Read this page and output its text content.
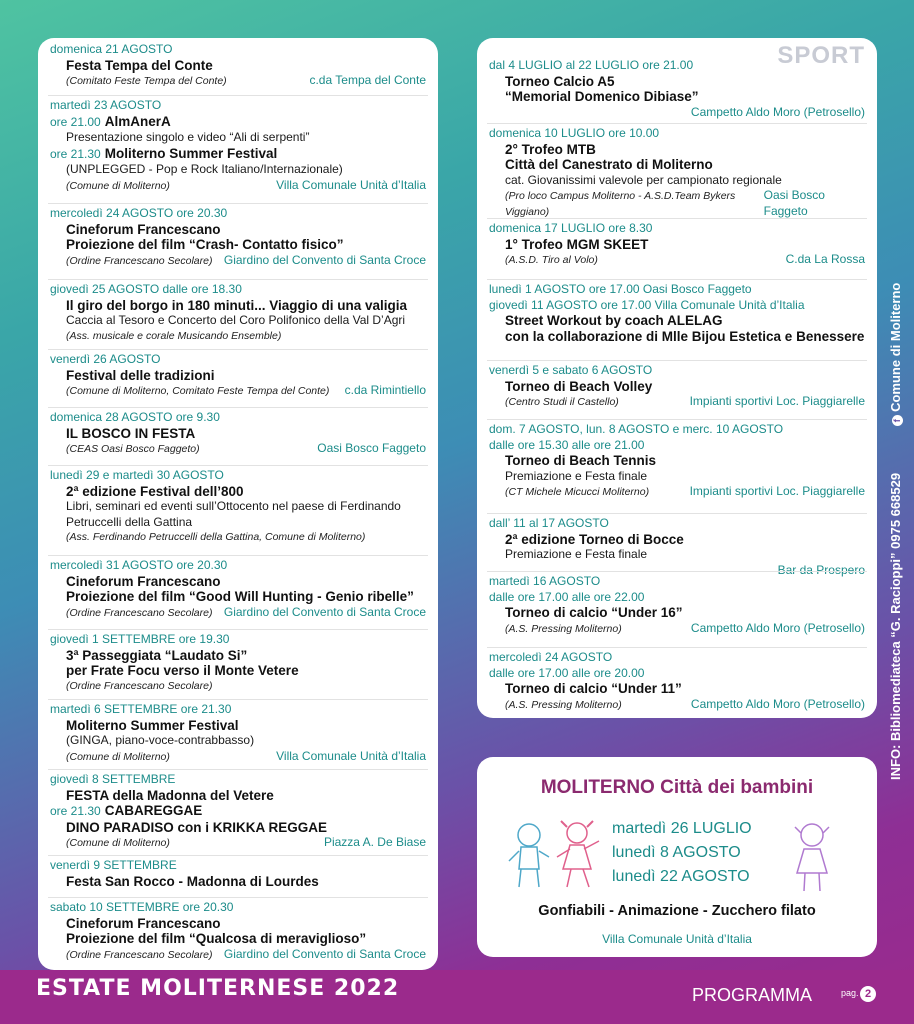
domenica 21 AGOSTO
Festa Tempa del Conte
(Comitato Feste Tempa del Conte)	c.da Tempa del Conte
martedì 23 AGOSTO
ore 21.00 AlmAnerA
Presentazione singolo e video “Ali di serpenti”
ore 21.30 Moliterno Summer Festival
(UNPLEGGED - Pop e Rock Italiano/Internazionale)
(Comune di Moliterno)	Villa Comunale Unità d’Italia
mercoledì 24 AGOSTO ore 20.30
Cineforum Francescano
Proiezione del film “Crash- Contatto fisico”
(Ordine Francescano Secolare) Giardino del Convento di Santa Croce
giovedì 25 AGOSTO dalle ore 18.30
Il giro del borgo in 180 minuti... Viaggio di una valigia
Caccia al Tesoro e Concerto del Coro Polifonico della Val D’Agri
(Ass. musicale e corale Musicando Ensemble)
venerdì 26 AGOSTO
Festival delle tradizioni
(Comune di Moliterno, Comitato Feste Tempa del Conte) c.da Rimintiello
domenica 28 AGOSTO ore 9.30
IL BOSCO IN FESTA
(CEAS Oasi Bosco Faggeto)	Oasi Bosco Faggeto
lunedì 29 e martedì 30 AGOSTO
2ª edizione Festival dell’800
Libri, seminari ed eventi sull’Ottocento nel paese di Ferdinando
Petruccelli della Gattina
(Ass. Ferdinando Petruccelli della Gattina, Comune di Moliterno)
mercoledì 31 AGOSTO ore 20.30
Cineforum Francescano
Proiezione del film “Good Will Hunting - Genio ribelle”
(Ordine Francescano Secolare) Giardino del Convento di Santa Croce
giovedì 1 SETTEMBRE ore 19.30
3ª Passeggiata “Laudato Si”
per Frate Focu verso il Monte Vetere
(Ordine Francescano Secolare)
martedì 6 SETTEMBRE ore 21.30
Moliterno Summer Festival
(GINGA, piano-voce-contrabbasso)
(Comune di Moliterno)	Villa Comunale Unità d’Italia
giovedì 8 SETTEMBRE
FESTA della Madonna del Vetere
ore 21.30 CABAREGGAE
DINO PARADISO con i KRIKKA REGGAE
(Comune di Moliterno)	Piazza A. De Biase
venerdì 9 SETTEMBRE
Festa San Rocco - Madonna di Lourdes
sabato 10 SETTEMBRE ore 20.30
Cineforum Francescano
Proiezione del film “Qualcosa di meraviglioso”
(Ordine Francescano Secolare) Giardino del Convento di Santa Croce
SPORT
dal 4 LUGLIO al 22 LUGLIO ore 21.00
Torneo Calcio A5
“Memorial Domenico Dibiase”
Campetto Aldo Moro (Petrosello)
domenica 10 LUGLIO ore 10.00
2° Trofeo MTB
Città del Canestrato di Moliterno
cat. Giovanissimi valevole per campionato regionale
(Pro loco Campus Moliterno - A.S.D.Team Bykers Viggiano)
Oasi Bosco Faggeto
domenica 17 LUGLIO ore 8.30
1° Trofeo MGM SKEET
(A.S.D. Tiro al Volo)	C.da La Rossa
lunedì 1 AGOSTO ore 17.00 Oasi Bosco Faggeto
giovedì 11 AGOSTO ore 17.00 Villa Comunale Unità d’Italia
Street Workout by coach ALELAG
con la collaborazione di Mlle Bijou Estetica e Benessere
venerdì 5 e sabato 6 AGOSTO
Torneo di Beach Volley
(Centro Studi il Castello)	Impianti sportivi Loc. Piaggiarelle
dom. 7 AGOSTO, lun. 8 AGOSTO e merc. 10 AGOSTO
dalle ore 15.30 alle ore 21.00
Torneo di Beach Tennis
Premiazione e Festa finale
(CT Michele Micucci Moliterno)	Impianti sportivi Loc. Piaggiarelle
dall’ 11 al 17 AGOSTO
2ª edizione Torneo di Bocce
Premiazione e Festa finale
Bar da Prospero
martedì 16 AGOSTO
dalle ore 17.00 alle ore 22.00
Torneo di calcio “Under 16”
(A.S. Pressing Moliterno)	Campetto Aldo Moro (Petrosello)
mercoledì 24 AGOSTO
dalle ore 17.00 alle ore 20.00
Torneo di calcio “Under 11”
(A.S. Pressing Moliterno)	Campetto Aldo Moro (Petrosello)
MOLITERNO Città dei bambini
martedì 26 LUGLIO
lunedì 8 AGOSTO
lunedì 22 AGOSTO
Gonfiabili - Animazione - Zucchero filato
Villa Comunale Unità d’Italia
INFO: Bibliomediateca “G. Racioppi” 0975 668529  f Comune di Moliterno
ESTATE MOLITERNESE 2022	PROGRAMMA	pag. 2
